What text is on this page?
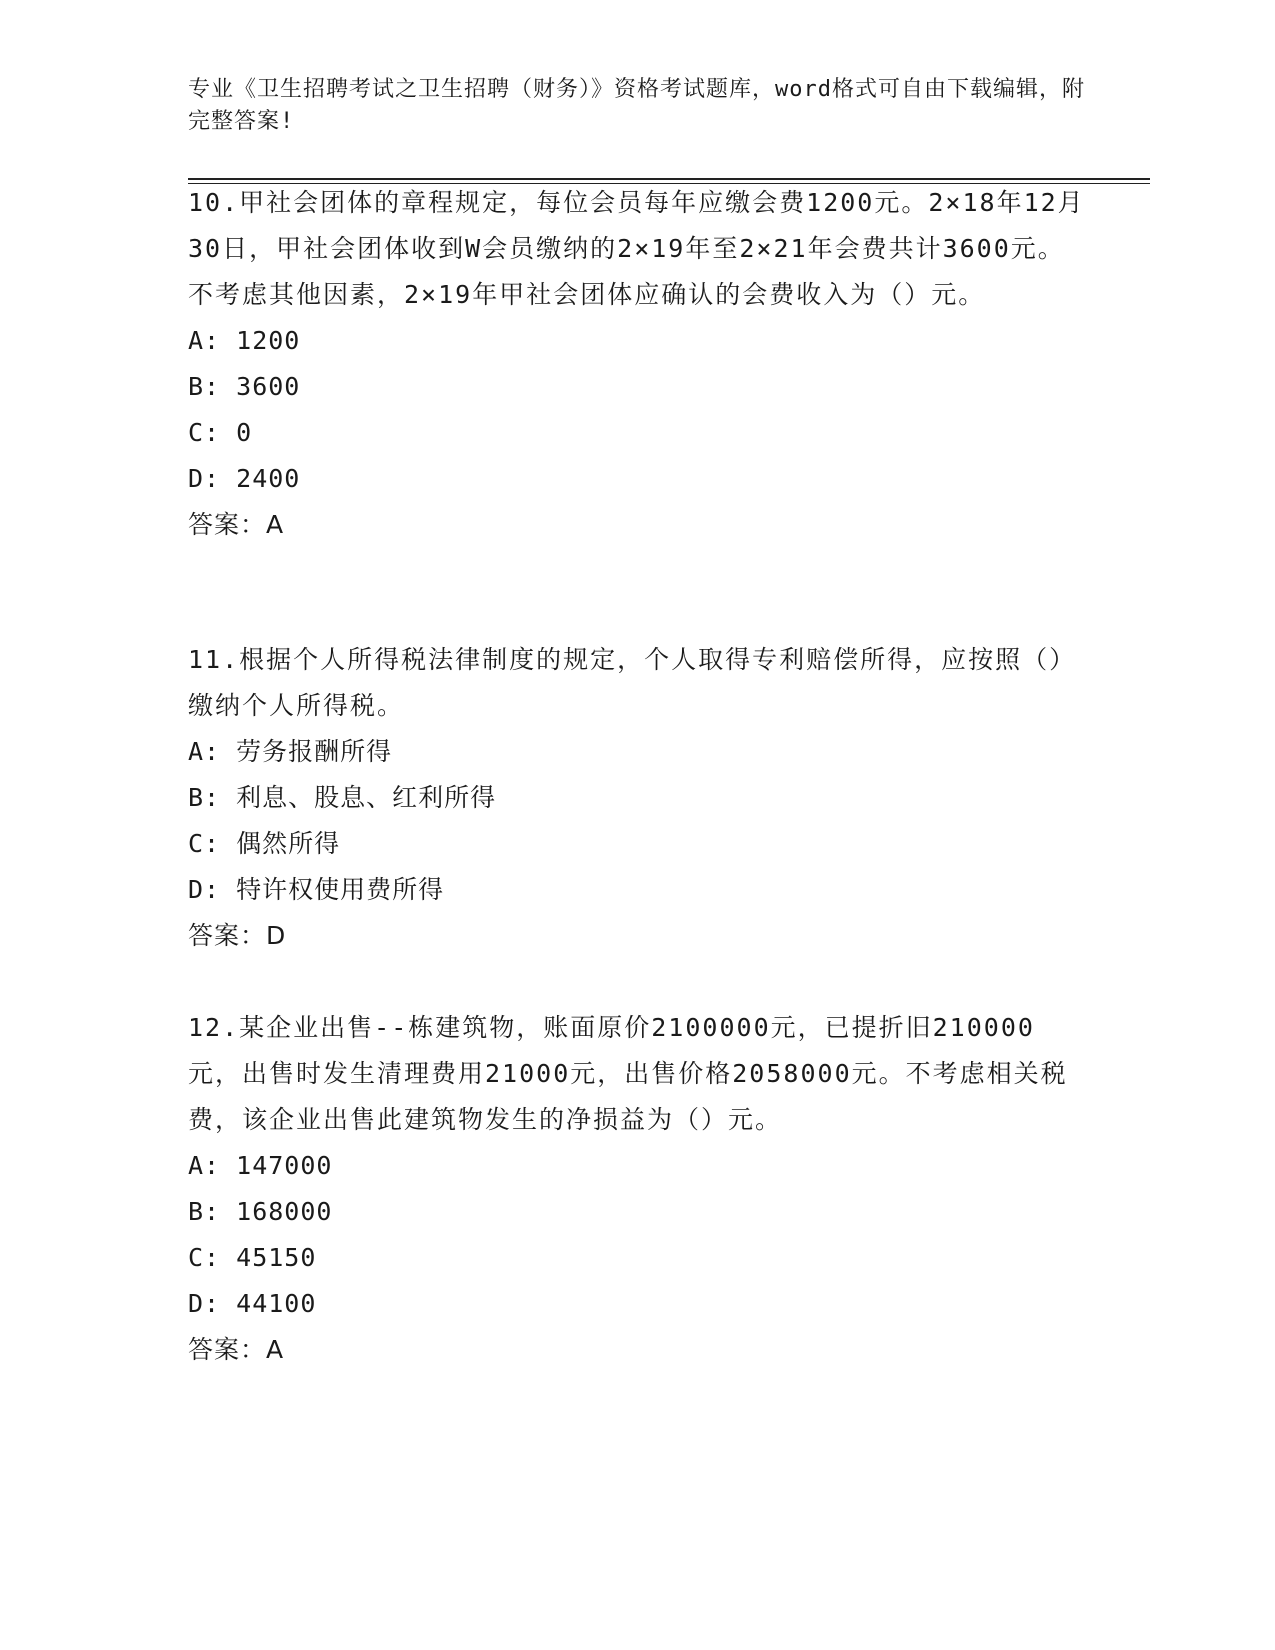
专业《卫生招聘考试之卫生招聘（财务）》资格考试题库，word格式可自由下载编辑，附完整答案!

10.甲社会团体的章程规定，每位会员每年应缴会费1200元。2×18年12月30日，甲社会团体收到W会员缴纳的2×19年至2×21年会费共计3600元。不考虑其他因素，2×19年甲社会团体应确认的会费收入为（）元。

A: 1200

B: 3600

C: 0

D: 2400

答案：A

11.根据个人所得税法律制度的规定，个人取得专利赔偿所得，应按照（）缴纳个人所得税。

A: 劳务报酬所得

B: 利息、股息、红利所得

C: 偶然所得

D: 特许权使用费所得

答案：D

12.某企业出售--栋建筑物，账面原价2100000元，已提折旧210000元，出售时发生清理费用21000元，出售价格2058000元。不考虑相关税费，该企业出售此建筑物发生的净损益为（）元。

A: 147000

B: 168000

C: 45150

D: 44100

答案：A
